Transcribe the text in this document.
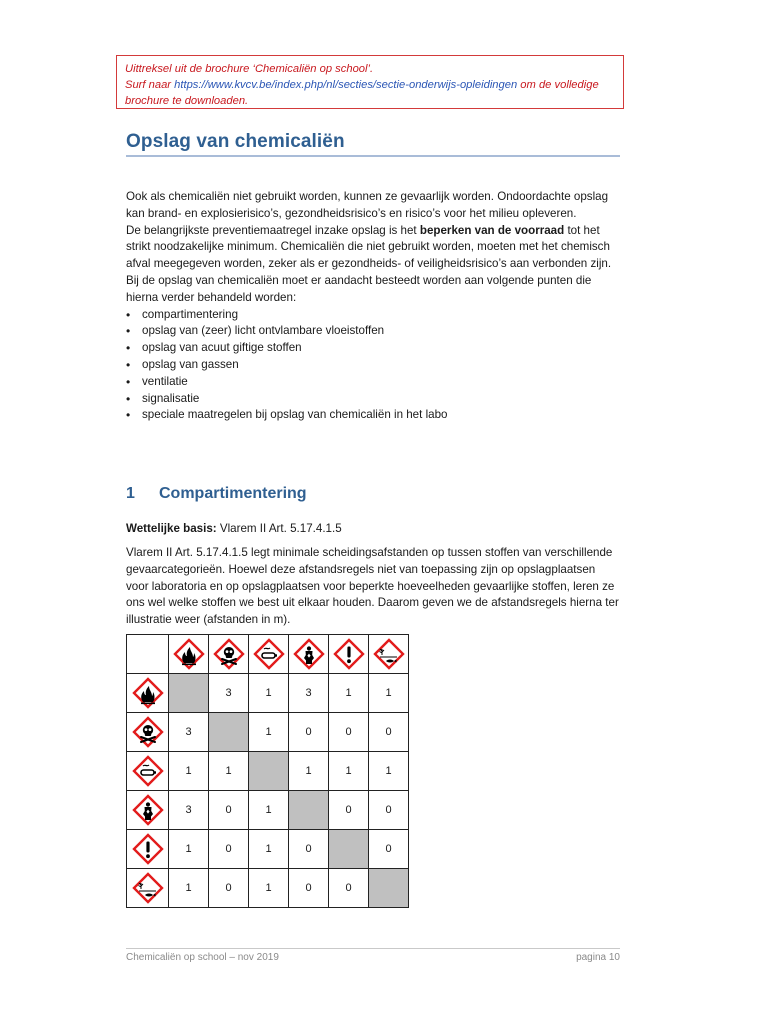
Uittreksel uit de brochure ‘Chemicaliën op school’.
Surf naar https://www.kvcv.be/index.php/nl/secties/sectie-onderwijs-opleidingen om de volledige brochure te downloaden.
Opslag van chemicaliën

Ook als chemicaliën niet gebruikt worden, kunnen ze gevaarlijk worden. Ondoordachte opslag kan brand- en explosierisico’s, gezondheidsrisico’s en risico’s voor het milieu opleveren.

De belangrijkste preventiemaatregel inzake opslag is het beperken van de voorraad tot het strikt noodzakelijke minimum. Chemicaliën die niet gebruikt worden, moeten met het chemisch afval meegegeven worden, zeker als er gezondheids- of veiligheidsrisico’s aan verbonden zijn.

Bij de opslag van chemicaliën moet er aandacht besteedt worden aan volgende punten die hierna verder behandeld worden:

• compartimentering
• opslag van (zeer) licht ontvlambare vloeistoffen
• opslag van acuut giftige stoffen
• opslag van gassen
• ventilatie
• signalisatie
• speciale maatregelen bij opslag van chemicaliën in het labo
1 Compartimentering
Wettelijke basis: Vlarem II Art. 5.17.4.1.5
Vlarem II Art. 5.17.4.1.5 legt minimale scheidingsafstanden op tussen stoffen van verschillende gevaarcategorieën. Hoewel deze afstandsregels niet van toepassing zijn op opslagplaatsen voor laboratoria en op opslagplaatsen voor beperkte hoeveelheden gevaarlijke stoffen, leren ze ons wel welke stoffen we best uit elkaar houden. Daarom geven we de afstandsregels hierna ter illustratie weer (afstanden in m).

		3	1	3	1	1

	3		1	0	0	0

	1	1		1	1	1

	3	0	1		0	0

	1	0	1	0		0

	1	0	1	0	0	
Chemicaliën op school – nov 2019	pagina 10
